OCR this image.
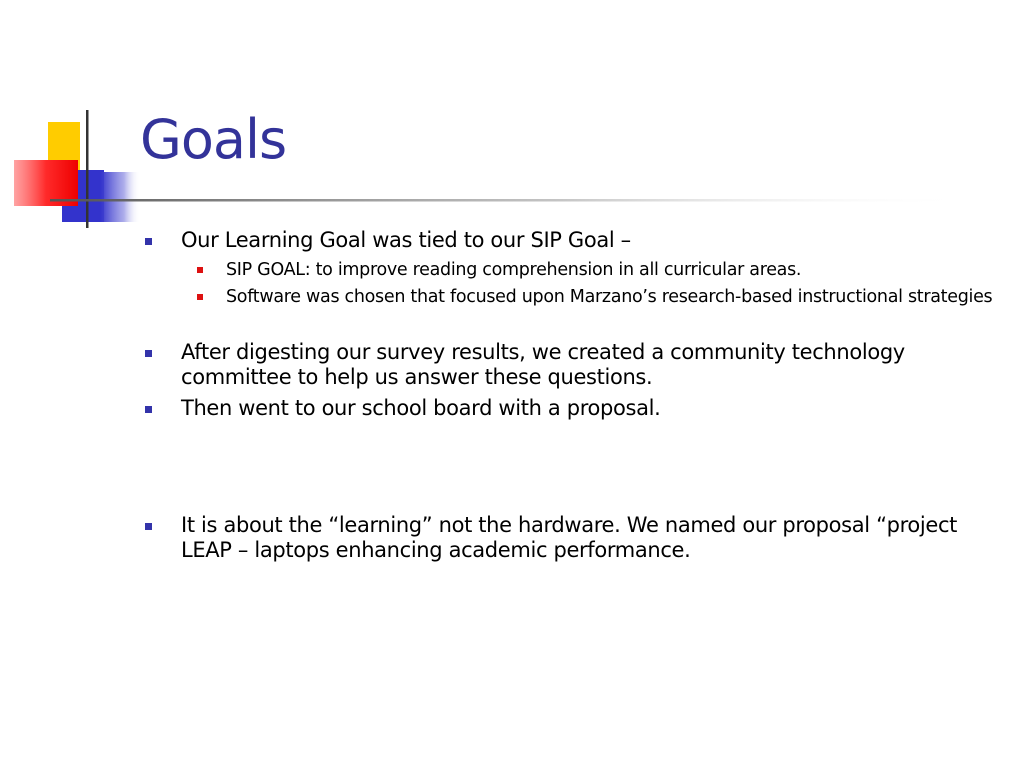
Goals
Our Learning Goal was tied to our SIP Goal –
SIP GOAL: to improve reading comprehension in all curricular areas.
Software was chosen that focused upon Marzano’s research-based instructional strategies
After digesting our survey results, we created a community technology committee to help us answer these questions.
Then went to our school board with a proposal.
It is about the “learning” not the hardware. We named our proposal “project LEAP – laptops enhancing academic performance.
